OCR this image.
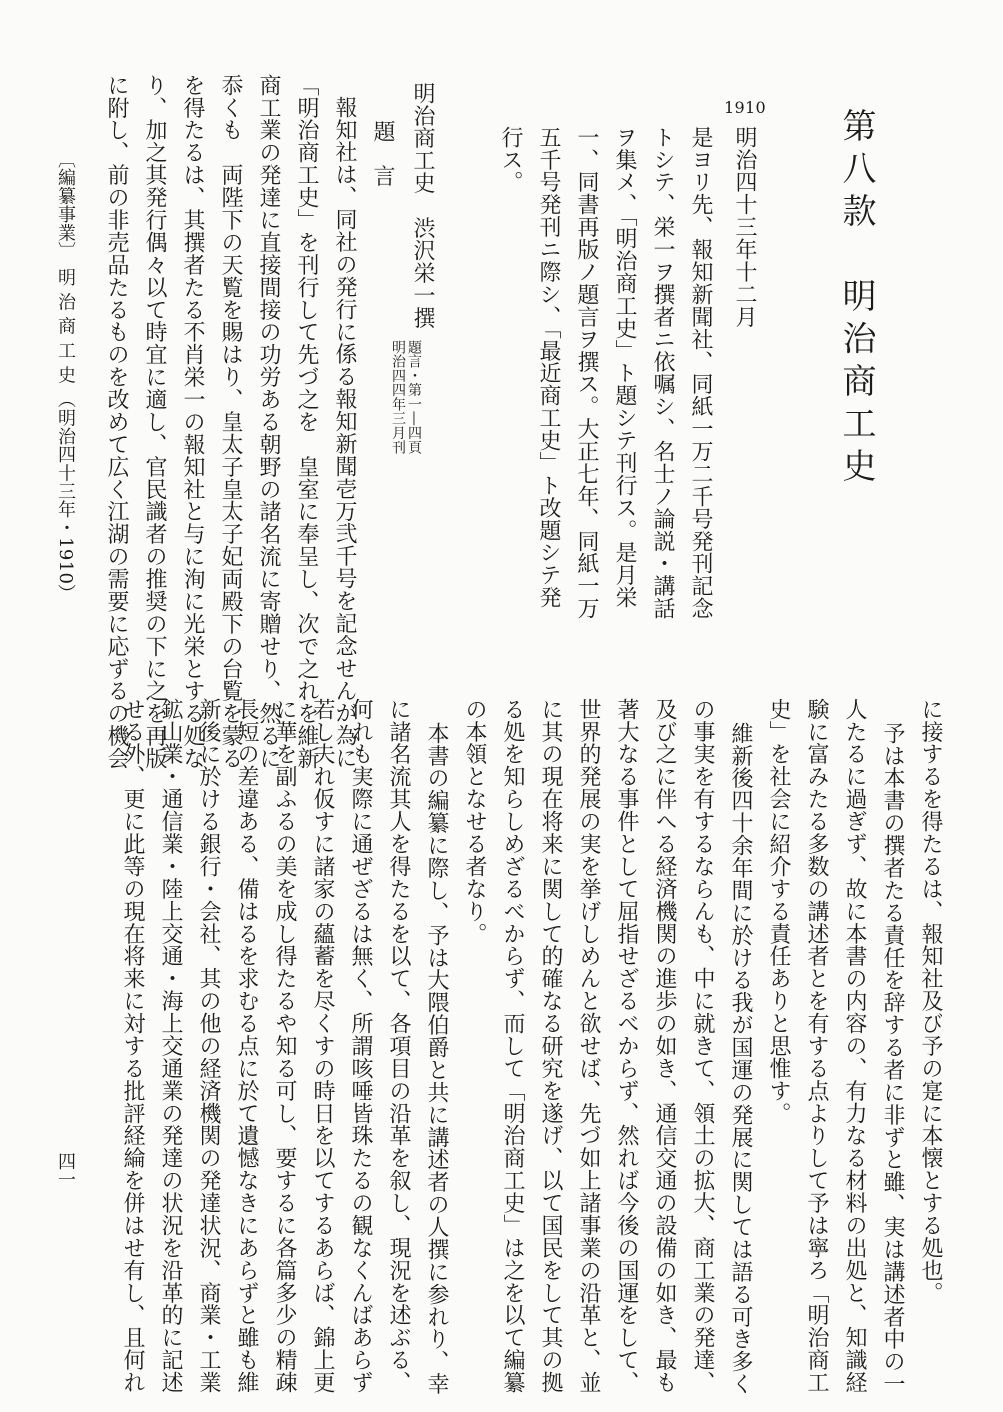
第八款　明治商工史
1910
明治四十三年十二月
是ヨリ先、報知新聞社、同紙一万二千号発刊記念
トシテ、栄一ヲ撰者ニ依嘱シ、名士ノ論説・講話
ヲ集メ、「明治商工史」ト題シテ刊行ス。是月栄
一、同書再版ノ題言ヲ撰ス。大正七年、同紙一万
五千号発刊ニ際シ、「最近商工史」ト改題シテ発
行ス。
明治商工史　渋沢栄一撰
題言・第一―四頁
明治四四年三月刊
題　言
報知社は、同社の発行に係る報知新聞壱万弐千号を記念せんが為に
「明治商工史」を刊行して先づ之を　皇室に奉呈し、次で之れを維新
商工業の発達に直接間接の功労ある朝野の諸名流に寄贈せり、然るに
忝くも　両陛下の天覧を賜はり、皇太子皇太子妃両殿下の台覧を蒙る
を得たるは、其撰者たる不肖栄一の報知社と与に洵に光栄とする処な
り、加之其発行偶々以て時宜に適し、官民識者の推奨の下に之を再版
に附し、前の非売品たるものを改めて広く江湖の需要に応ずるの機会
に接するを得たるは、報知社及び予の寔に本懐とする処也。
予は本書の撰者たる責任を辞する者に非ずと雖、実は講述者中の一
人たるに過ぎず、故に本書の内容の、有力なる材料の出処と、知識経
験に富みたる多数の講述者とを有する点よりして予は寧ろ「明治商工
史」を社会に紹介する責任ありと思惟す。
維新後四十余年間に於ける我が国運の発展に関しては語る可き多く
の事実を有するならんも、中に就きて、領土の拡大、商工業の発達、
及び之に伴へる経済機関の進歩の如き、通信交通の設備の如き、最も
著大なる事件として屈指せざるべからず、然れば今後の国運をして、
世界的発展の実を挙げしめんと欲せば、先づ如上諸事業の沿革と、並
に其の現在将来に関して的確なる研究を遂げ、以て国民をして其の拠
る処を知らしめざるべからず、而して「明治商工史」は之を以て編纂
の本領となせる者なり。
本書の編纂に際し、予は大隈伯爵と共に講述者の人撰に参れり、幸
に諸名流其人を得たるを以て、各項目の沿革を叙し、現況を述ぶる、
何れも実際に通ぜざるは無く、所謂咳唾皆珠たるの観なくんばあらず
若し夫れ仮すに諸家の蘊蓄を尽くすの時日を以てするあらば、錦上更
に華を副ふるの美を成し得たるや知る可し、要するに各篇多少の精疎
長短の差違ある、備はるを求むる点に於て遺憾なきにあらずと雖も維
新後に於ける銀行・会社、其の他の経済機関の発達状況、商業・工業
鉱山業・通信業・陸上交通・海上交通業の発達の状況を沿革的に記述
せる外、更に此等の現在将来に対する批評経綸を併はせ有し、且何れ
〔編纂事業〕
明 治 商 工 史 （明治四十三年・1910）
四一
